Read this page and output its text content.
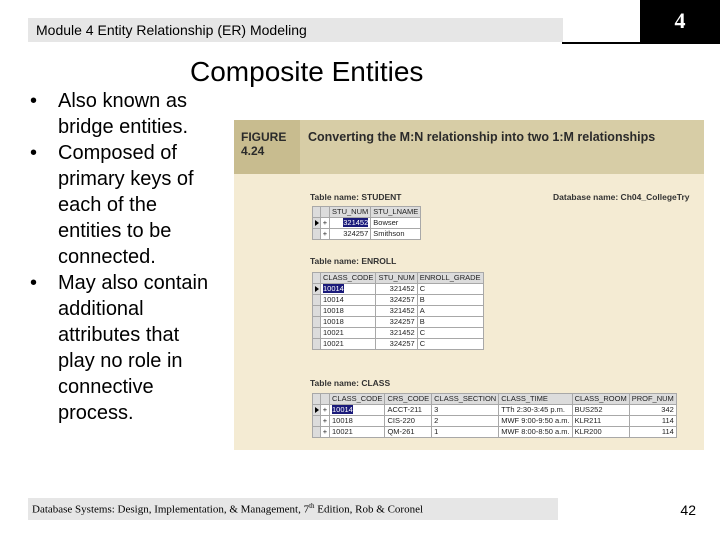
Module 4 Entity Relationship (ER) Modeling	4
Composite Entities
• Also known as bridge entities.
• Composed of primary keys of each of the entities to be connected.
• May also contain additional attributes that play no role in connective process.
FIGURE
4.24
Converting the M:N relationship into two 1:M relationships
Table name: STUDENT	Database name: Ch04_CollegeTry
		STU_NUM	STU_LNAME
	+	321452	Bowser
	+	324257	Smithson
Table name: ENROLL
	CLASS_CODE	STU_NUM	ENROLL_GRADE
	10014	321452	C
	10014	324257	B
	10018	321452	A
	10018	324257	B
	10021	321452	C
	10021	324257	C
Table name: CLASS
		CLASS_CODE	CRS_CODE	CLASS_SECTION	CLASS_TIME	CLASS_ROOM	PROF_NUM
	+	10014	ACCT-211	3	TTh 2:30-3:45 p.m.	BUS252	342
	+	10018	CIS-220	2	MWF 9:00-9:50 a.m.	KLR211	114
	+	10021	QM-261	1	MWF 8:00-8:50 a.m.	KLR200	114
Database Systems: Design, Implementation, & Management, 7th Edition, Rob & Coronel	42
